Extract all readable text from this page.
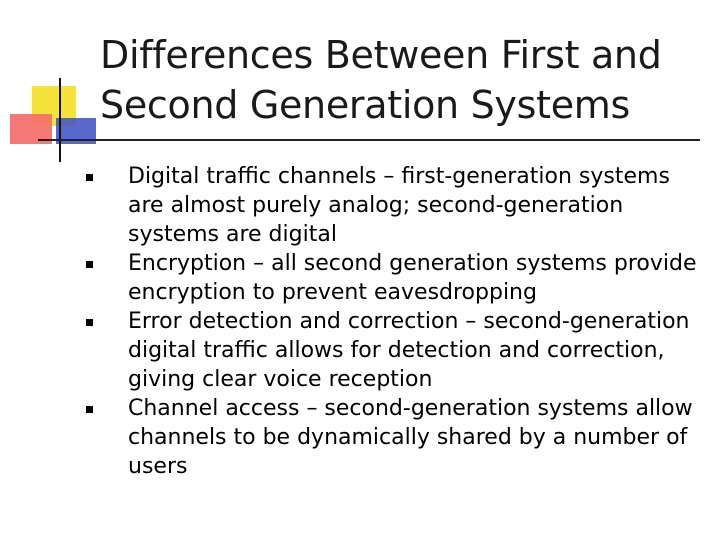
Differences Between First and
Second Generation Systems
Digital traffic channels – first-generation systems are almost purely analog; second-generation systems are digital
Encryption – all second generation systems provide encryption to prevent eavesdropping
Error detection and correction – second-generation digital traffic allows for detection and correction, giving clear voice reception
Channel access – second-generation systems allow channels to be dynamically shared by a number of users
